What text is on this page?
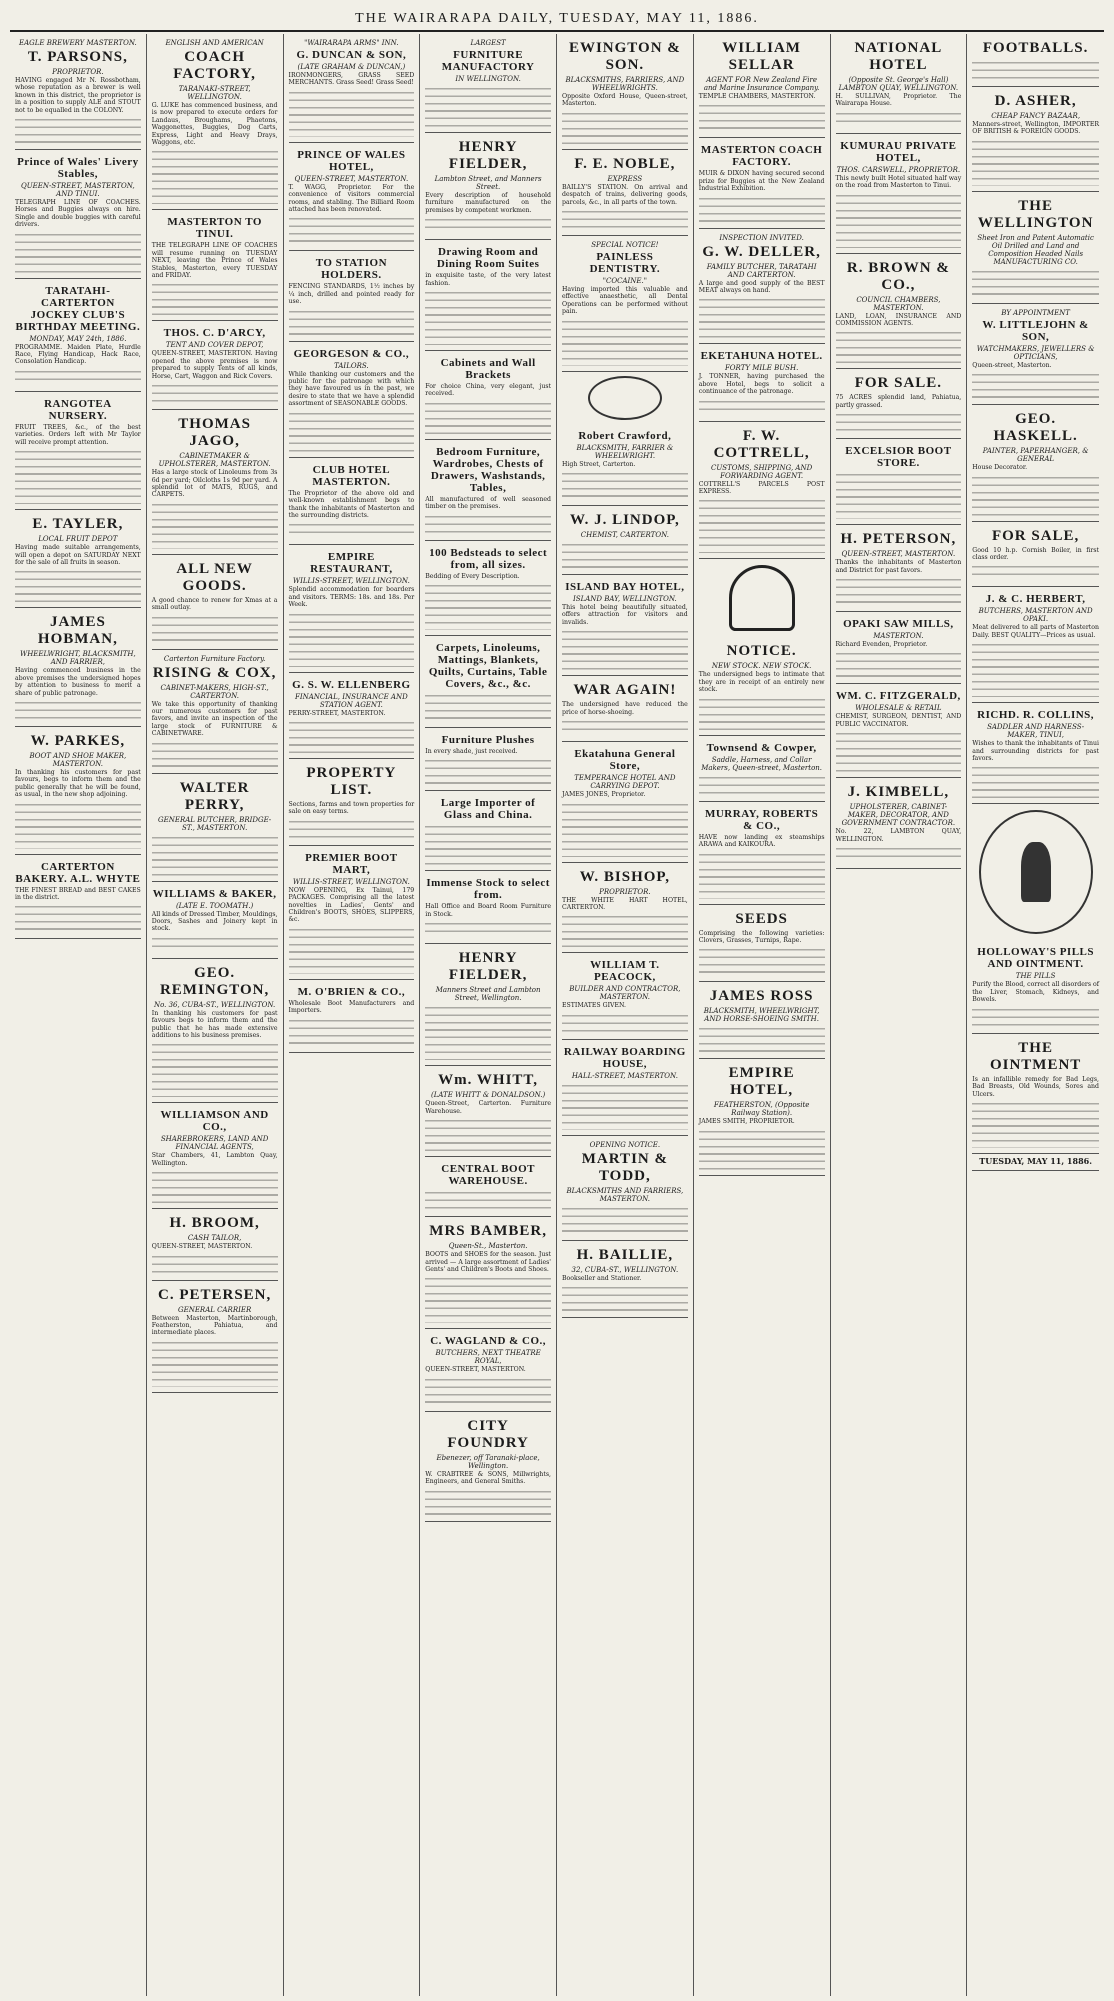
THE WAIRARAPA DAILY, TUESDAY, MAY 11, 1886.
EAGLE BREWERY MASTERTON.
T. PARSONS,
PROPRIETOR.

HAVING engaged Mr N. Rossbotham, whose reputation as a brewer is well known in this district, the proprietor is in a position to supply ALE and STOUT not to be equalled in the COLONY.

Prince of Wales' Livery Stables,
QUEEN-STREET, MASTERTON, AND TINUI.

TELEGRAPH LINE OF COACHES. Horses and Buggies always on hire. Single and double buggies with careful drivers.

TARATAHI-CARTERTON JOCKEY CLUB'S BIRTHDAY MEETING.
MONDAY, MAY 24th, 1886.

PROGRAMME. Maiden Plate, Hurdle Race, Flying Handicap, Hack Race, Consolation Handicap.

RANGOTEA NURSERY.

FRUIT TREES, &c., of the best varieties. Orders left with Mr Taylor will receive prompt attention.

E. TAYLER,
LOCAL FRUIT DEPOT

Having made suitable arrangements, will open a depot on SATURDAY NEXT for the sale of all fruits in season.

JAMES HOBMAN,
WHEELWRIGHT, BLACKSMITH, AND FARRIER,

Having commenced business in the above premises the undersigned hopes by attention to business to merit a share of public patronage.

W. PARKES,
BOOT AND SHOE MAKER, MASTERTON.

In thanking his customers for past favours, begs to inform them and the public generally that he will be found, as usual, in the new shop adjoining.

CARTERTON BAKERY. A.L. WHYTE

THE FINEST BREAD and BEST CAKES in the district.

ENGLISH AND AMERICAN
COACH FACTORY,
TARANAKI-STREET, WELLINGTON.

G. LUKE has commenced business, and is now prepared to execute orders for Landaus, Broughams, Phaetons, Waggonettes, Buggies, Dog Carts, Express, Light and Heavy Drays, Waggons, etc.

MASTERTON TO TINUI.

THE TELEGRAPH LINE OF COACHES will resume running on TUESDAY NEXT, leaving the Prince of Wales Stables, Masterton, every TUESDAY and FRIDAY.

THOS. C. D'ARCY,
TENT AND COVER DEPOT,

QUEEN-STREET, MASTERTON. Having opened the above premises is now prepared to supply Tents of all kinds, Horse, Cart, Waggon and Rick Covers.

THOMAS JAGO,
CABINETMAKER & UPHOLSTERER, MASTERTON.

Has a large stock of Linoleums from 3s 6d per yard; Oilcloths 1s 9d per yard. A splendid lot of MATS, RUGS, and CARPETS.

ALL NEW GOODS.

A good chance to renew for Xmas at a small outlay.

Carterton Furniture Factory.
RISING & COX,
CABINET-MAKERS, HIGH-ST., CARTERTON.

We take this opportunity of thanking our numerous customers for past favors, and invite an inspection of the large stock of FURNITURE & CABINETWARE.

WALTER PERRY,
GENERAL BUTCHER, BRIDGE-ST., MASTERTON.
WILLIAMS & BAKER,
(LATE E. TOOMATH.)

All kinds of Dressed Timber, Mouldings, Doors, Sashes and Joinery kept in stock.

GEO. REMINGTON,
No. 36, CUBA-ST., WELLINGTON.

In thanking his customers for past favours begs to inform them and the public that he has made extensive additions to his business premises.

WILLIAMSON AND CO.,
SHAREBROKERS, LAND AND FINANCIAL AGENTS,

Star Chambers, 41, Lambton Quay, Wellington.

H. BROOM,
CASH TAILOR,

QUEEN-STREET, MASTERTON.

C. PETERSEN,
GENERAL CARRIER

Between Masterton, Martinborough, Featherston, Pahiatua, and intermediate places.

"WAIRARAPA ARMS" INN.
G. DUNCAN & SON,
(LATE GRAHAM & DUNCAN,)

IRONMONGERS, GRASS SEED MERCHANTS. Grass Seed! Grass Seed!

PRINCE OF WALES HOTEL,
QUEEN-STREET, MASTERTON.

T. WAGG, Proprietor. For the convenience of visitors commercial rooms, and stabling. The Billiard Room attached has been renovated.

TO STATION HOLDERS.

FENCING STANDARDS, 1½ inches by ¼ inch, drilled and pointed ready for use.

GEORGESON & CO.,
TAILORS.

While thanking our customers and the public for the patronage with which they have favoured us in the past, we desire to state that we have a splendid assortment of SEASONABLE GOODS.

CLUB HOTEL MASTERTON.

The Proprietor of the above old and well-known establishment begs to thank the inhabitants of Masterton and the surrounding districts.

EMPIRE RESTAURANT,
WILLIS-STREET, WELLINGTON.

Splendid accommodation for boarders and visitors. TERMS: 18s. and 18s. Per Week.

G. S. W. ELLENBERG
FINANCIAL, INSURANCE AND STATION AGENT.

PERRY-STREET, MASTERTON.

PROPERTY LIST.

Sections, farms and town properties for sale on easy terms.

PREMIER BOOT MART,
WILLIS-STREET, WELLINGTON.

NOW OPENING, Ex Tainui, 179 PACKAGES. Comprising all the latest novelties in Ladies', Gents' and Children's BOOTS, SHOES, SLIPPERS, &c.

M. O'BRIEN & CO.,

Wholesale Boot Manufacturers and Importers.

LARGEST
FURNITURE MANUFACTORY
IN WELLINGTON.
HENRY FIELDER,
Lambton Street, and Manners Street.

Every description of household furniture manufactured on the premises by competent workmen.

Drawing Room and Dining Room Suites

in exquisite taste, of the very latest fashion.

Cabinets and Wall Brackets

For choice China, very elegant, just received.

Bedroom Furniture, Wardrobes, Chests of Drawers, Washstands, Tables,

All manufactured of well seasoned timber on the premises.

100 Bedsteads to select from, all sizes.

Bedding of Every Description.

Carpets, Linoleums, Mattings, Blankets, Quilts, Curtains, Table Covers, &c., &c.
Furniture Plushes

In every shade, just received.

Large Importer of Glass and China.
Immense Stock to select from.

Hall Office and Board Room Furniture in Stock.

HENRY FIELDER,
Manners Street and Lambton Street, Wellington.
Wm. WHITT,
(LATE WHITT & DONALDSON.)

Queen-Street, Carterton. Furniture Warehouse.

CENTRAL BOOT WAREHOUSE.
MRS BAMBER,
Queen-St., Masterton.

BOOTS and SHOES for the season. Just arrived — A large assortment of Ladies' Gents' and Children's Boots and Shoes.

C. WAGLAND & CO.,
BUTCHERS, NEXT THEATRE ROYAL,

QUEEN-STREET, MASTERTON.

CITY FOUNDRY
Ebenezer, off Taranaki-place, Wellington.

W. CRABTREE & SONS, Millwrights, Engineers, and General Smiths.

EWINGTON & SON.
BLACKSMITHS, FARRIERS, AND WHEELWRIGHTS.

Opposite Oxford House, Queen-street, Masterton.

F. E. NOBLE,
EXPRESS

BAILLY'S STATION. On arrival and despatch of trains, delivering goods, parcels, &c., in all parts of the town.

SPECIAL NOTICE!
PAINLESS DENTISTRY.
"COCAINE."

Having imported this valuable and effective anaesthetic, all Dental Operations can be performed without pain.

Robert Crawford,
BLACKSMITH, FARRIER & WHEELWRIGHT.

High Street, Carterton.

W. J. LINDOP,
CHEMIST, CARTERTON.
ISLAND BAY HOTEL,
ISLAND BAY, WELLINGTON.

This hotel being beautifully situated, offers attraction for visitors and invalids.

WAR AGAIN!

The undersigned have reduced the price of horse-shoeing.

Ekatahuna General Store,
TEMPERANCE HOTEL AND CARRYING DEPOT.

JAMES JONES, Proprietor.

W. BISHOP,
PROPRIETOR.

THE WHITE HART HOTEL, CARTERTON.

WILLIAM T. PEACOCK,
BUILDER AND CONTRACTOR, MASTERTON.

ESTIMATES GIVEN.

RAILWAY BOARDING HOUSE,
HALL-STREET, MASTERTON.
OPENING NOTICE.
MARTIN & TODD,
BLACKSMITHS AND FARRIERS, MASTERTON.
H. BAILLIE,
32, CUBA-ST., WELLINGTON.

Bookseller and Stationer.

WILLIAM SELLAR
AGENT FOR New Zealand Fire and Marine Insurance Company.

TEMPLE CHAMBERS, MASTERTON.

MASTERTON COACH FACTORY.

MUIR & DIXON having secured second prize for Buggies at the New Zealand Industrial Exhibition.

INSPECTION INVITED.
G. W. DELLER,
FAMILY BUTCHER, TARATAHI AND CARTERTON.

A large and good supply of the BEST MEAT always on hand.

EKETAHUNA HOTEL.
FORTY MILE BUSH.

J. TONNER, having purchased the above Hotel, begs to solicit a continuance of the patronage.

F. W. COTTRELL,
CUSTOMS, SHIPPING, AND FORWARDING AGENT.

COTTRELL'S PARCELS POST EXPRESS.

NOTICE.
NEW STOCK. NEW STOCK.

The undersigned begs to intimate that they are in receipt of an entirely new stock.

Townsend & Cowper,
Saddle, Harness, and Collar Makers, Queen-street, Masterton.
MURRAY, ROBERTS & CO.,

HAVE now landing ex steamships ARAWA and KAIKOURA.

SEEDS

Comprising the following varieties: Clovers, Grasses, Turnips, Rape.

JAMES ROSS
BLACKSMITH, WHEELWRIGHT, AND HORSE-SHOEING SMITH.
EMPIRE HOTEL,
FEATHERSTON, (Opposite Railway Station).

JAMES SMITH, PROPRIETOR.

NATIONAL HOTEL
(Opposite St. George's Hall) LAMBTON QUAY, WELLINGTON.

H. SULLIVAN, Proprietor. The Wairarapa House.

KUMURAU PRIVATE HOTEL,
THOS. CARSWELL, PROPRIETOR.

This newly built Hotel situated half way on the road from Masterton to Tinui.

R. BROWN & CO.,
COUNCIL CHAMBERS, MASTERTON.

LAND, LOAN, INSURANCE AND COMMISSION AGENTS.

FOR SALE.

75 ACRES splendid land, Pahiatua, partly grassed.

EXCELSIOR BOOT STORE.
H. PETERSON,
QUEEN-STREET, MASTERTON.

Thanks the inhabitants of Masterton and District for past favors.

OPAKI SAW MILLS,
MASTERTON.

Richard Evenden, Proprietor.

WM. C. FITZGERALD,
WHOLESALE & RETAIL

CHEMIST, SURGEON, DENTIST, AND PUBLIC VACCINATOR.

J. KIMBELL,
UPHOLSTERER, CABINET-MAKER, DECORATOR, AND GOVERNMENT CONTRACTOR.

No. 22, LAMBTON QUAY, WELLINGTON.

FOOTBALLS.
D. ASHER,
CHEAP FANCY BAZAAR,

Manners-street, Wellington, IMPORTER OF BRITISH & FOREIGN GOODS.

THE WELLINGTON
Sheet Iron and Patent Automatic Oil Drilled and Land and Composition Headed Nails MANUFACTURING CO.
BY APPOINTMENT
W. LITTLEJOHN & SON,
WATCHMAKERS, JEWELLERS & OPTICIANS,

Queen-street, Masterton.

GEO. HASKELL.
PAINTER, PAPERHANGER, & GENERAL

House Decorator.

FOR SALE,

Good 10 h.p. Cornish Boiler, in first class order.

J. & C. HERBERT,
BUTCHERS, MASTERTON AND OPAKI.

Meat delivered to all parts of Masterton Daily. BEST QUALITY—Prices as usual.

RICHD. R. COLLINS,
SADDLER AND HARNESS-MAKER, TINUI,

Wishes to thank the inhabitants of Tinui and surrounding districts for past favors.

HOLLOWAY'S PILLS AND OINTMENT.
THE PILLS

Purify the Blood, correct all disorders of the Liver, Stomach, Kidneys, and Bowels.

THE OINTMENT

Is an infallible remedy for Bad Legs, Bad Breasts, Old Wounds, Sores and Ulcers.

TUESDAY, MAY 11, 1886.
